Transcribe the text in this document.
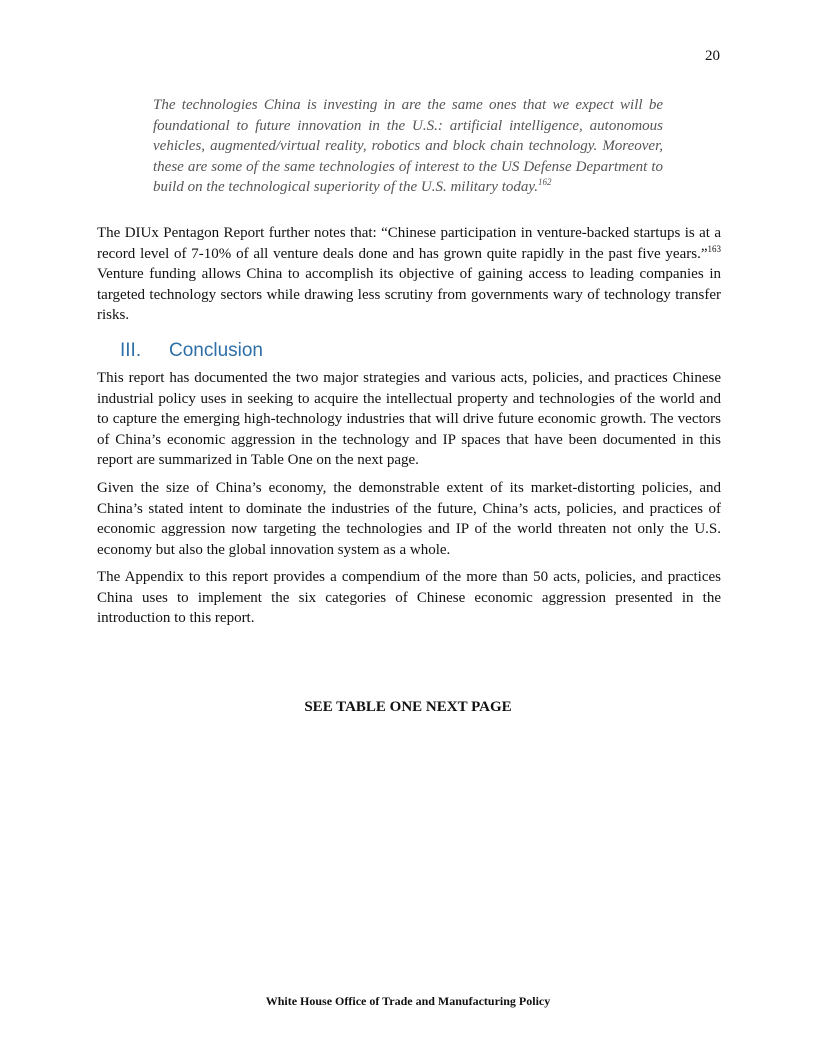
20
The technologies China is investing in are the same ones that we expect will be foundational to future innovation in the U.S.: artificial intelligence, autonomous vehicles, augmented/virtual reality, robotics and block chain technology. Moreover, these are some of the same technologies of interest to the US Defense Department to build on the technological superiority of the U.S. military today.$^{162}$

The DIUx Pentagon Report further notes that: “Chinese participation in venture-backed startups is at a record level of 7-10% of all venture deals done and has grown quite rapidly in the past five years.”$^{163}$ Venture funding allows China to accomplish its objective of gaining access to leading companies in targeted technology sectors while drawing less scrutiny from governments wary of technology transfer risks.

III. Conclusion

This report has documented the two major strategies and various acts, policies, and practices Chinese industrial policy uses in seeking to acquire the intellectual property and technologies of the world and to capture the emerging high-technology industries that will drive future economic growth. The vectors of China’s economic aggression in the technology and IP spaces that have been documented in this report are summarized in Table One on the next page.

Given the size of China’s economy, the demonstrable extent of its market-distorting policies, and China’s stated intent to dominate the industries of the future, China’s acts, policies, and practices of economic aggression now targeting the technologies and IP of the world threaten not only the U.S. economy but also the global innovation system as a whole.

The Appendix to this report provides a compendium of the more than 50 acts, policies, and practices China uses to implement the six categories of Chinese economic aggression presented in the introduction to this report.

SEE TABLE ONE NEXT PAGE
White House Office of Trade and Manufacturing Policy
